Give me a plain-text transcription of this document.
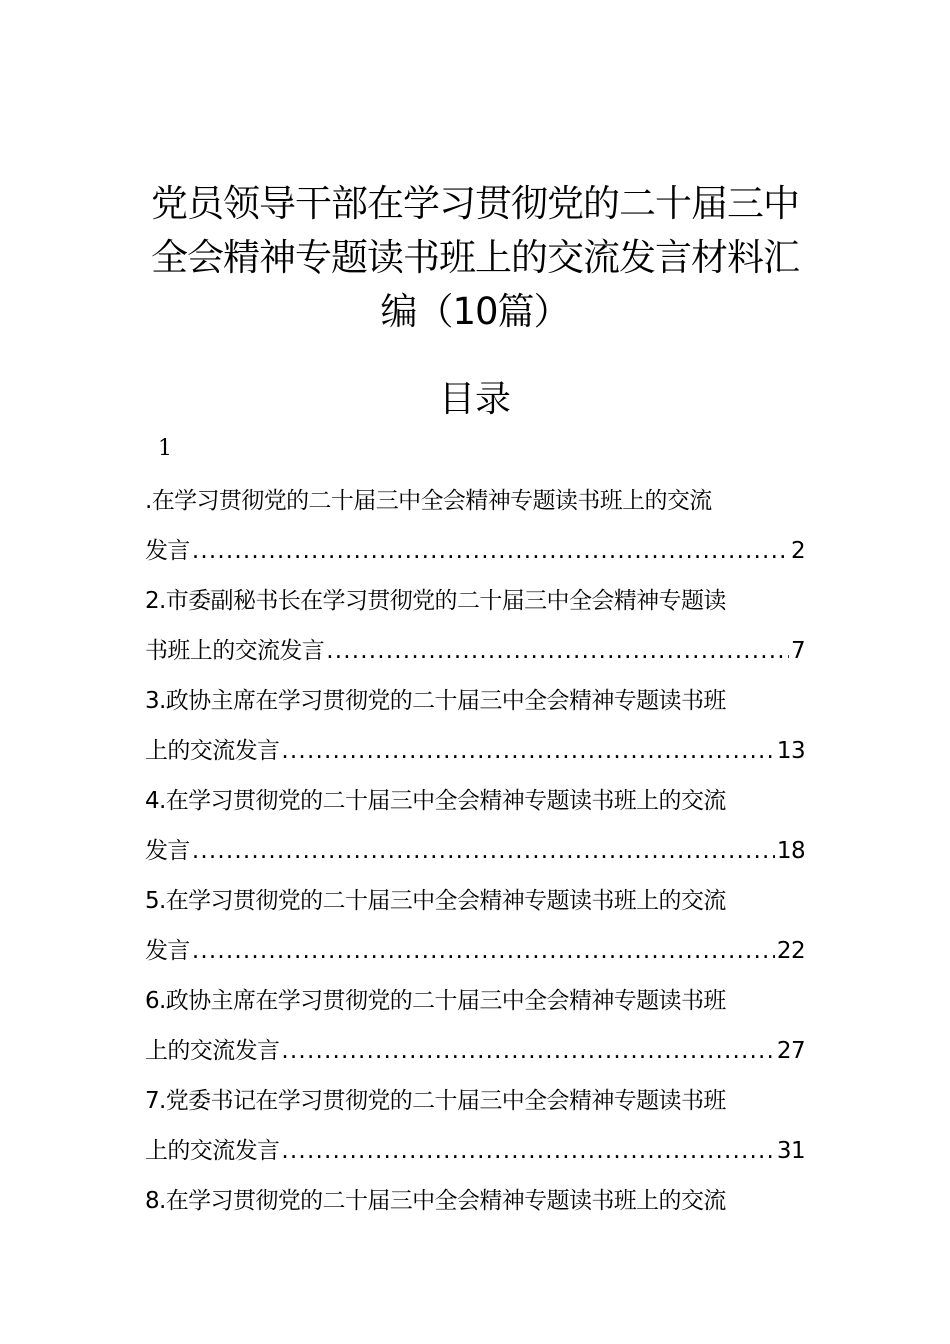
党员领导干部在学习贯彻党的二十届三中
全会精神专题读书班上的交流发言材料汇
编（10篇）
目录
1
.在学习贯彻党的二十届三中全会精神专题读书班上的交流
发言 .....	2
2.市委副秘书长在学习贯彻党的二十届三中全会精神专题读
书班上的交流发言 .....	7
3.政协主席在学习贯彻党的二十届三中全会精神专题读书班
上的交流发言 .....	13
4.在学习贯彻党的二十届三中全会精神专题读书班上的交流
发言 .....	18
5.在学习贯彻党的二十届三中全会精神专题读书班上的交流
发言 .....	22
6.政协主席在学习贯彻党的二十届三中全会精神专题读书班
上的交流发言 .....	27
7.党委书记在学习贯彻党的二十届三中全会精神专题读书班
上的交流发言 .....	31
8.在学习贯彻党的二十届三中全会精神专题读书班上的交流
